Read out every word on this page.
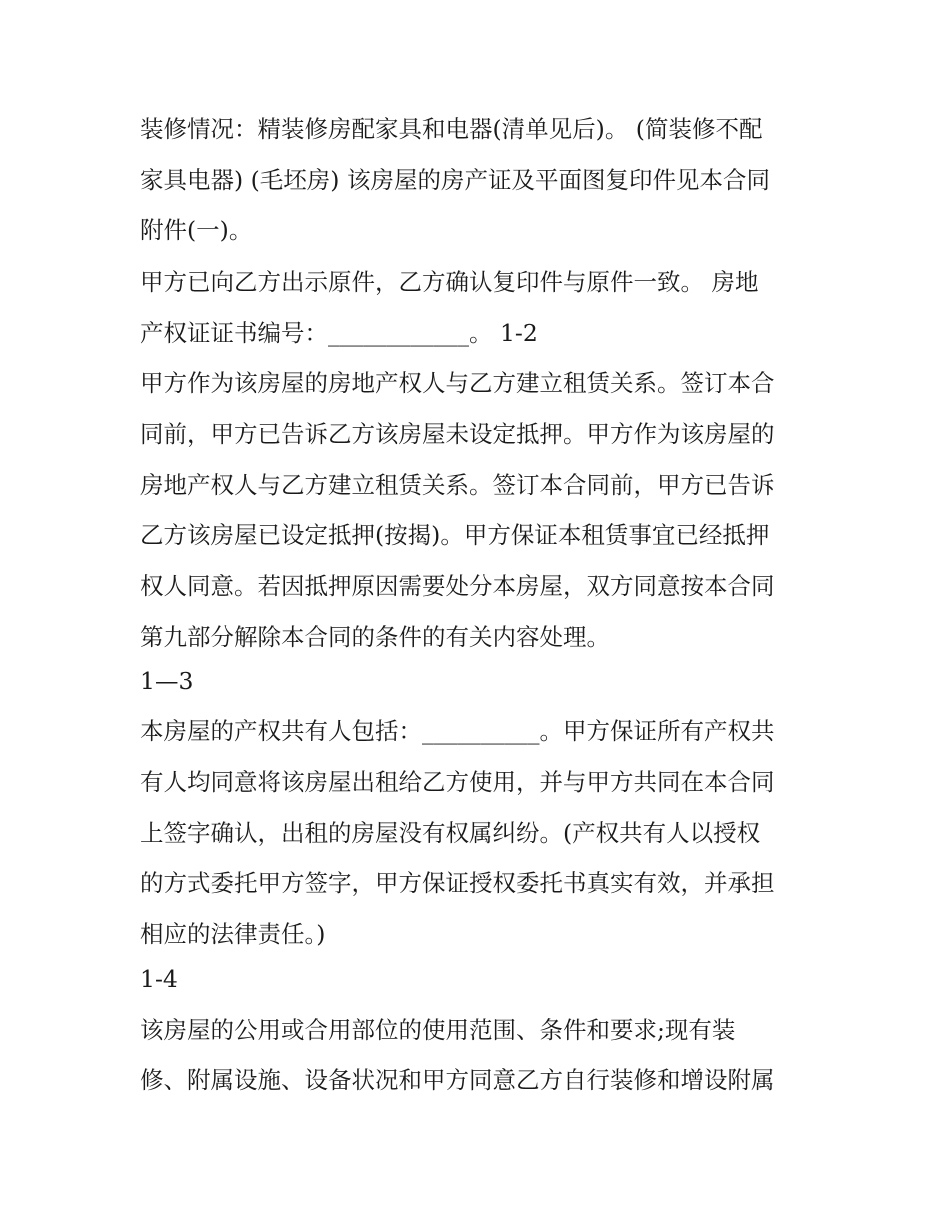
装修情况：精装修房配家具和电器(清单见后)。 (简装修不配
家具电器) (毛坯房) 该房屋的房产证及平面图复印件见本合同
附件(一)。
甲方已向乙方出示原件，乙方确认复印件与原件一致。 房地
产权证证书编号：____________。 1-2
甲方作为该房屋的房地产权人与乙方建立租赁关系。签订本合
同前，甲方已告诉乙方该房屋未设定抵押。甲方作为该房屋的
房地产权人与乙方建立租赁关系。签订本合同前，甲方已告诉
乙方该房屋已设定抵押(按揭)。甲方保证本租赁事宜已经抵押
权人同意。若因抵押原因需要处分本房屋，双方同意按本合同
第九部分解除本合同的条件的有关内容处理。
1—3
本房屋的产权共有人包括：__________。甲方保证所有产权共
有人均同意将该房屋出租给乙方使用，并与甲方共同在本合同
上签字确认，出租的房屋没有权属纠纷。(产权共有人以授权
的方式委托甲方签字，甲方保证授权委托书真实有效，并承担
相应的法律责任。)
1-4
该房屋的公用或合用部位的使用范围、条件和要求;现有装
修、附属设施、设备状况和甲方同意乙方自行装修和增设附属
